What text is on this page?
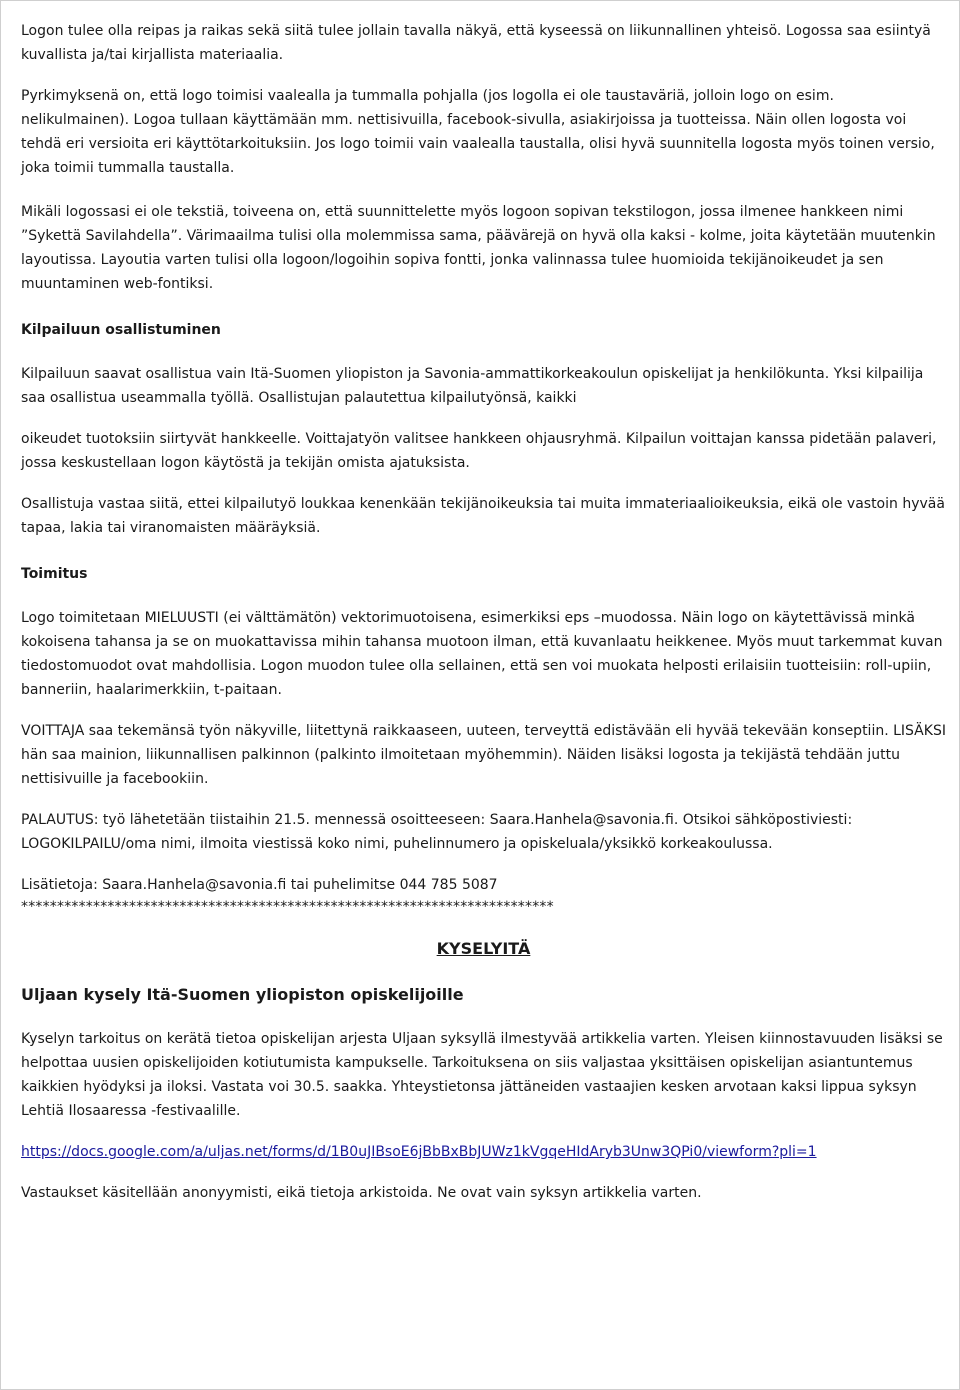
Logon tulee olla reipas ja raikas sekä siitä tulee jollain tavalla näkyä, että kyseessä on liikunnallinen yhteisö. Logossa saa esiintyä kuvallista ja/tai kirjallista materiaalia.

Pyrkimyksenä on, että logo toimisi vaalealla ja tummalla pohjalla (jos logolla ei ole taustaväriä, jolloin logo on esim. nelikulmainen). Logoa tullaan käyttämään mm. nettisivuilla, facebook-sivulla, asiakirjoissa ja tuotteissa. Näin ollen logosta voi tehdä eri versioita eri käyttötarkoituksiin. Jos logo toimii vain vaalealla taustalla, olisi hyvä suunnitella logosta myös toinen versio, joka toimii tummalla taustalla.

Mikäli logossasi ei ole tekstiä, toiveena on, että suunnittelette myös logoon sopivan tekstilogon, jossa ilmenee hankkeen nimi ”Sykettä Savilahdella”. Värimaailma tulisi olla molemmissa sama, päävärejä on hyvä olla kaksi - kolme, joita käytetään muutenkin layoutissa. Layoutia varten tulisi olla logoon/logoihin sopiva fontti, jonka valinnassa tulee huomioida tekijänoikeudet ja sen muuntaminen web-fontiksi.

Kilpailuun osallistuminen

Kilpailuun saavat osallistua vain Itä-Suomen yliopiston ja Savonia-ammattikorkeakoulun opiskelijat ja henkilökunta. Yksi kilpailija saa osallistua useammalla työllä. Osallistujan palautettua kilpailutyönsä, kaikki

oikeudet tuotoksiin siirtyvät hankkeelle. Voittajatyön valitsee hankkeen ohjausryhmä. Kilpailun voittajan kanssa pidetään palaveri, jossa keskustellaan logon käytöstä ja tekijän omista ajatuksista.

Osallistuja vastaa siitä, ettei kilpailutyö loukkaa kenenkään tekijänoikeuksia tai muita immateriaalioikeuksia, eikä ole vastoin hyvää tapaa, lakia tai viranomaisten määräyksiä.

Toimitus

Logo toimitetaan MIELUUSTI (ei välttämätön) vektorimuotoisena, esimerkiksi eps –muodossa. Näin logo on käytettävissä minkä kokoisena tahansa ja se on muokattavissa mihin tahansa muotoon ilman, että kuvanlaatu heikkenee. Myös muut tarkemmat kuvan tiedostomuodot ovat mahdollisia. Logon muodon tulee olla sellainen, että sen voi muokata helposti erilaisiin tuotteisiin: roll-upiin, banneriin, haalarimerkkiin, t-paitaan.

VOITTAJA saa tekemänsä työn näkyville, liitettynä raikkaaseen, uuteen, terveyttä edistävään eli hyvää tekevään konseptiin. LISÄKSI hän saa mainion, liikunnallisen palkinnon (palkinto ilmoitetaan myöhemmin). Näiden lisäksi logosta ja tekijästä tehdään juttu nettisivuille ja facebookiin.

PALAUTUS: työ lähetetään tiistaihin 21.5. mennessä osoitteeseen: Saara.Hanhela@savonia.fi. Otsikoi sähköpostiviesti: LOGOKILPAILU/oma nimi, ilmoita viestissä koko nimi, puhelinnumero ja opiskeluala/yksikkö korkeakoulussa.

Lisätietoja: Saara.Hanhela@savonia.fi tai puhelimitse 044 785 5087

**************************************************************************

KYSELYITÄ

Uljaan kysely Itä-Suomen yliopiston opiskelijoille

Kyselyn tarkoitus on kerätä tietoa opiskelijan arjesta Uljaan syksyllä ilmestyvää artikkelia varten. Yleisen kiinnostavuuden lisäksi se helpottaa uusien opiskelijoiden kotiutumista kampukselle. Tarkoituksena on siis valjastaa yksittäisen opiskelijan asiantuntemus kaikkien hyödyksi ja iloksi. Vastata voi 30.5. saakka. Yhteystietonsa jättäneiden vastaajien kesken arvotaan kaksi lippua syksyn Lehtiä Ilosaaressa -festivaalille.

https://docs.google.com/a/uljas.net/forms/d/1B0uJIBsoE6jBbBxBbJUWz1kVgqeHIdAryb3Unw3QPi0/viewform?pli=1

Vastaukset käsitellään anonyymisti, eikä tietoja arkistoida. Ne ovat vain syksyn artikkelia varten.
